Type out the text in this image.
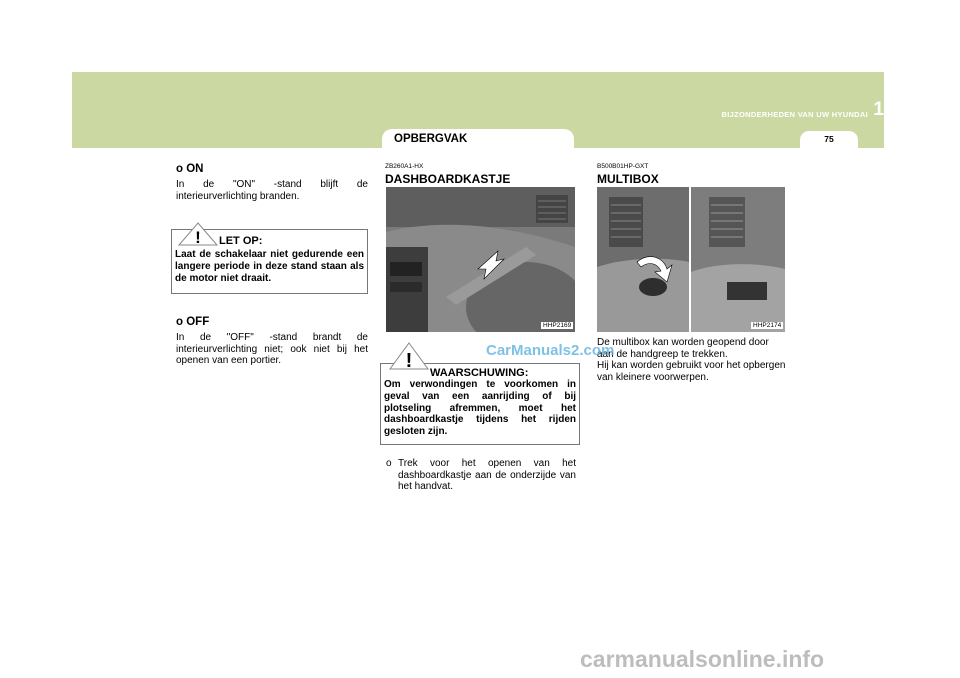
BIJZONDERHEDEN VAN UW HYUNDAI 1
75
OPBERGVAK

o ON

In de "ON" -stand blijft de interieurverlichting branden.

! LET OP:
Laat de schakelaar niet gedurende een langere periode in deze stand staan als de motor niet draait.

o OFF

In de "OFF" -stand brandt de interieurverlichting niet; ook niet bij het openen van een portier.

ZB260A1-HX
DASHBOARDKASTJE
HHP2169
!
WAARSCHUWING:
Om verwondingen te voorkomen in geval van een aanrijding of bij plotseling afremmen, moet het dashboardkastje tijdens het rijden gesloten zijn.
o Trek voor het openen van het dashboardkastje aan de onderzijde van het handvat.
B500B01HP-GXT
MULTIBOX
HHP2174
De multibox kan worden geopend door aan de handgreep te trekken.
Hij kan worden gebruikt voor het opbergen van kleinere voorwerpen.
CarManuals2.com
carmanualsonline.info
